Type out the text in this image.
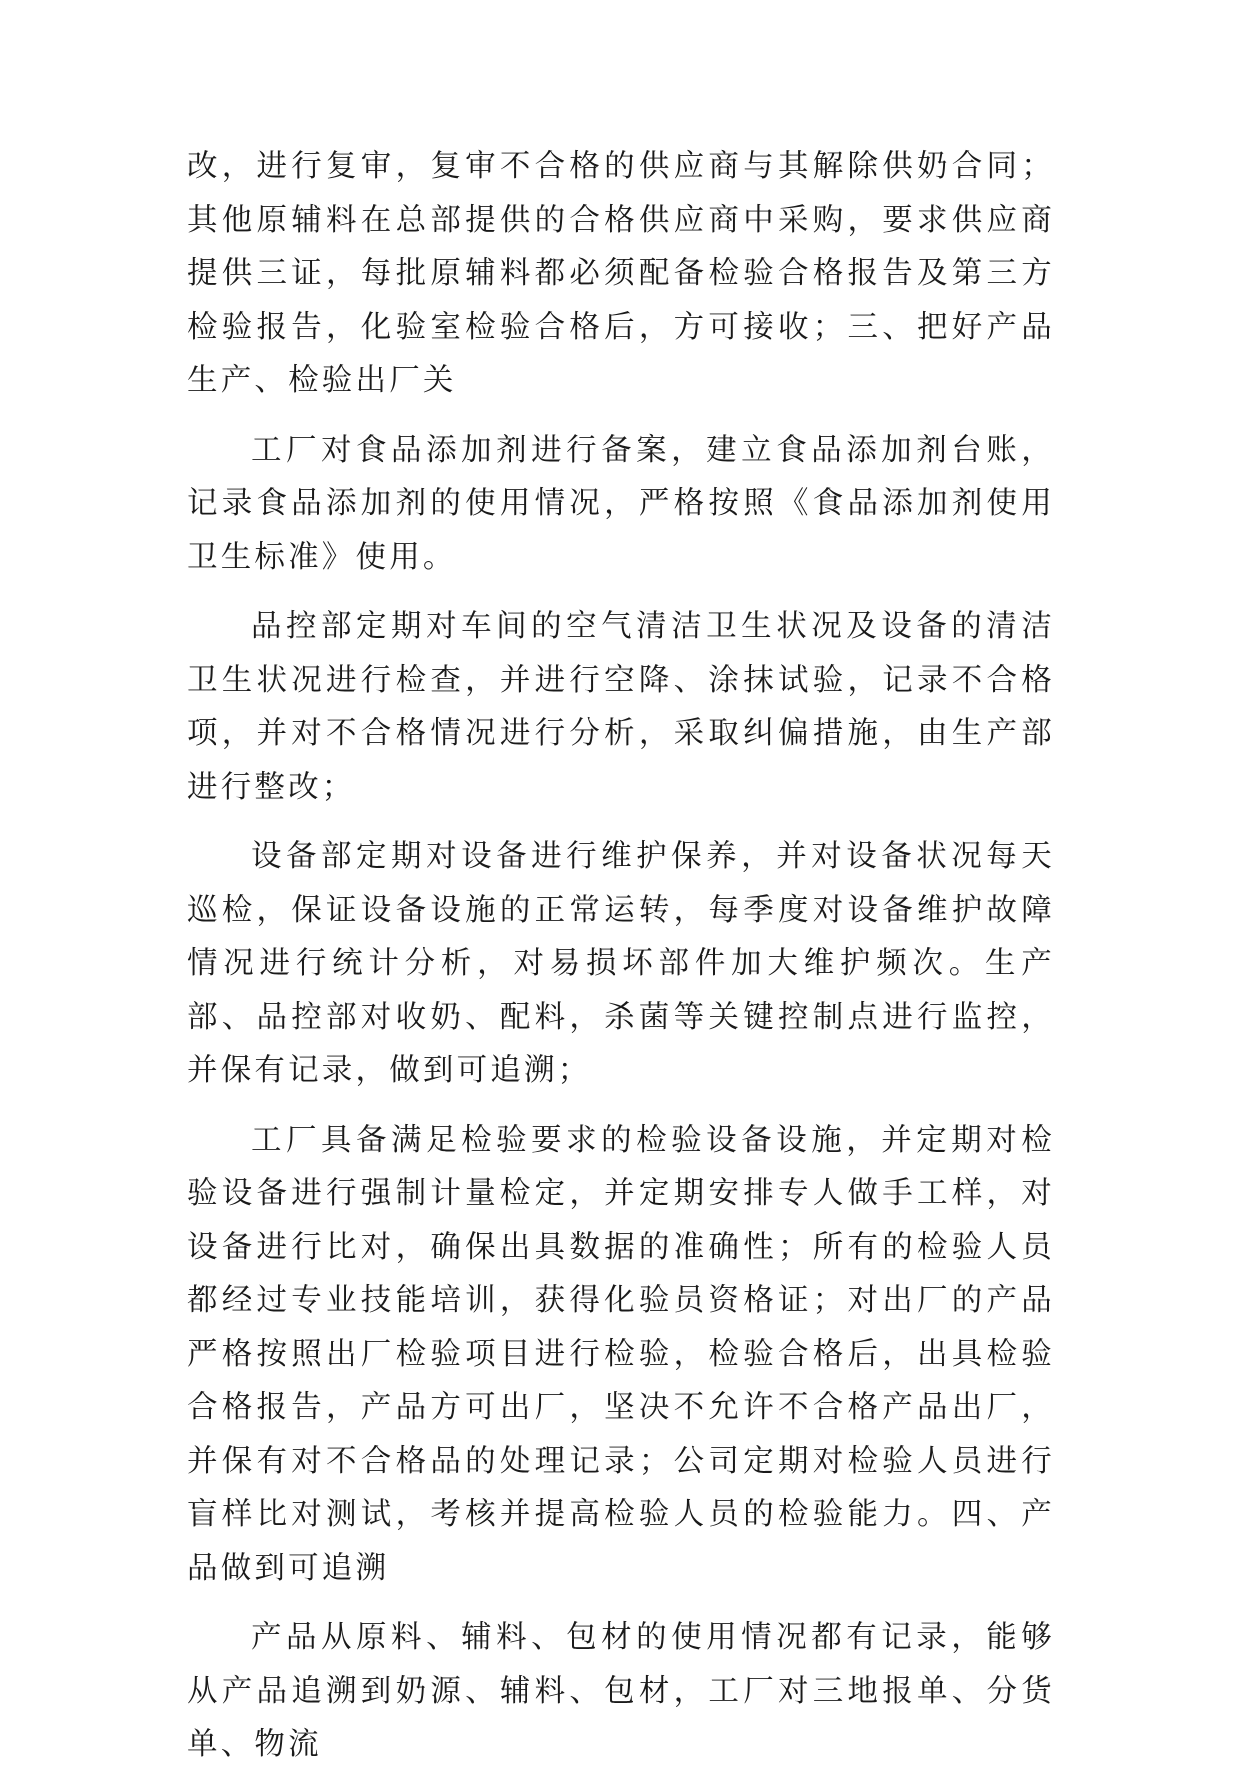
改，进行复审，复审不合格的供应商与其解除供奶合同；其他原辅料在总部提供的合格供应商中采购，要求供应商提供三证，每批原辅料都必须配备检验合格报告及第三方检验报告，化验室检验合格后，方可接收；三、把好产品生产、检验出厂关

工厂对食品添加剂进行备案，建立食品添加剂台账，记录食品添加剂的使用情况，严格按照《食品添加剂使用卫生标准》使用。

品控部定期对车间的空气清洁卫生状况及设备的清洁卫生状况进行检查，并进行空降、涂抹试验，记录不合格项，并对不合格情况进行分析，采取纠偏措施，由生产部进行整改；

设备部定期对设备进行维护保养，并对设备状况每天巡检，保证设备设施的正常运转，每季度对设备维护故障情况进行统计分析，对易损坏部件加大维护频次。生产部、品控部对收奶、配料，杀菌等关键控制点进行监控，并保有记录，做到可追溯；

工厂具备满足检验要求的检验设备设施，并定期对检验设备进行强制计量检定，并定期安排专人做手工样，对设备进行比对，确保出具数据的准确性；所有的检验人员都经过专业技能培训，获得化验员资格证；对出厂的产品严格按照出厂检验项目进行检验，检验合格后，出具检验合格报告，产品方可出厂，坚决不允许不合格产品出厂，并保有对不合格品的处理记录；公司定期对检验人员进行盲样比对测试，考核并提高检验人员的检验能力。四、产品做到可追溯

产品从原料、辅料、包材的使用情况都有记录，能够从产品追溯到奶源、辅料、包材，工厂对三地报单、分货单、物流
